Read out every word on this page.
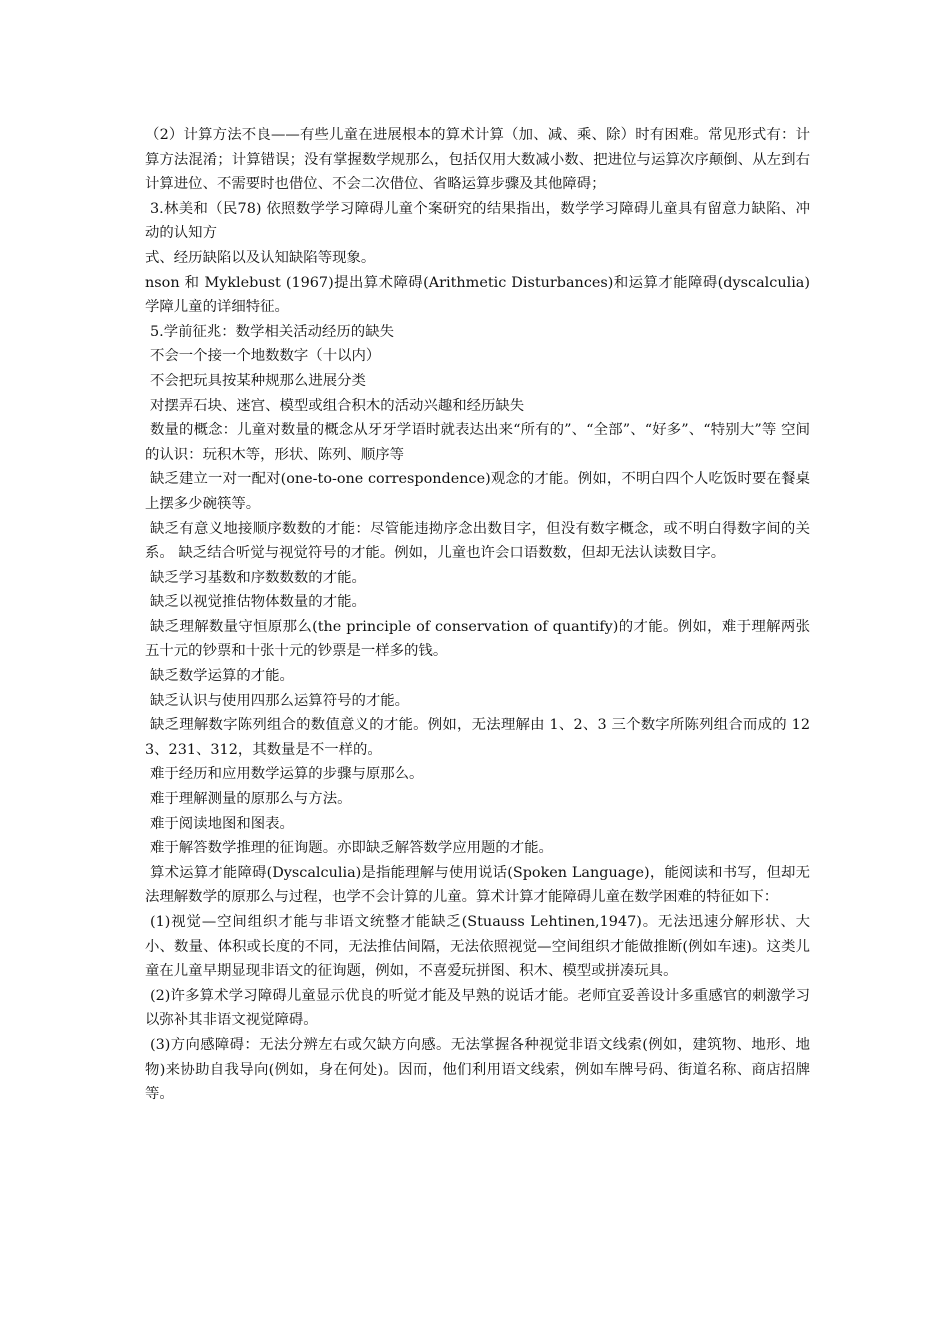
（2）计算方法不良——有些儿童在进展根本的算术计算（加、减、乘、除）时有困难。常见形式有：计算方法混淆；计算错误；没有掌握数学规那么，包括仅用大数减小数、把进位与运算次序颠倒、从左到右计算进位、不需要时也借位、不会二次借位、省略运算步骤及其他障碍；

3.林美和（民78) 依照数学学习障碍儿童个案研究的结果指出，数学学习障碍儿童具有留意力缺陷、冲动的认知方

式、经历缺陷以及认知缺陷等现象。

nson 和 Myklebust (1967)提出算术障碍(Arithmetic Disturbances)和运算才能障碍(dyscalculia)学障儿童的详细特征。

5.学前征兆：数学相关活动经历的缺失

不会一个接一个地数数字（十以内）

不会把玩具按某种规那么进展分类

对摆弄石块、迷宫、模型或组合积木的活动兴趣和经历缺失

数量的概念：儿童对数量的概念从牙牙学语时就表达出来“所有的”、“全部”、“好多”、“特别大”等 空间的认识：玩积木等，形状、陈列、顺序等

缺乏建立一对一配对(one-to-one correspondence)观念的才能。例如，不明白四个人吃饭时要在餐桌上摆多少碗筷等。

缺乏有意义地接顺序数数的才能：尽管能违拗序念出数目字，但没有数字概念，或不明白得数字间的关系。 缺乏结合听觉与视觉符号的才能。例如，儿童也许会口语数数，但却无法认读数目字。

缺乏学习基数和序数数数的才能。

缺乏以视觉推估物体数量的才能。

缺乏理解数量守恒原那么(the principle of conservation of quantify)的才能。例如，难于理解两张五十元的钞票和十张十元的钞票是一样多的钱。

缺乏数学运算的才能。

缺乏认识与使用四那么运算符号的才能。

缺乏理解数字陈列组合的数值意义的才能。例如，无法理解由 1、2、3 三个数字所陈列组合而成的 123、231、312，其数量是不一样的。

难于经历和应用数学运算的步骤与原那么。

难于理解测量的原那么与方法。

难于阅读地图和图表。

难于解答数学推理的征询题。亦即缺乏解答数学应用题的才能。

算术运算才能障碍(Dyscalculia)是指能理解与使用说话(Spoken Language)，能阅读和书写，但却无法理解数学的原那么与过程，也学不会计算的儿童。算术计算才能障碍儿童在数学困难的特征如下：

(1)视觉—空间组织才能与非语文统整才能缺乏(Stuauss Lehtinen,1947)。无法迅速分解形状、大小、数量、体积或长度的不同，无法推估间隔，无法依照视觉—空间组织才能做推断(例如车速)。这类儿童在儿童早期显现非语文的征询题，例如，不喜爱玩拼图、积木、模型或拼凑玩具。

(2)许多算术学习障碍儿童显示优良的听觉才能及早熟的说话才能。老师宜妥善设计多重感官的刺激学习以弥补其非语文视觉障碍。

(3)方向感障碍：无法分辨左右或欠缺方向感。无法掌握各种视觉非语文线索(例如，建筑物、地形、地物)来协助自我导向(例如，身在何处)。因而，他们利用语文线索，例如车牌号码、街道名称、商店招牌等。
